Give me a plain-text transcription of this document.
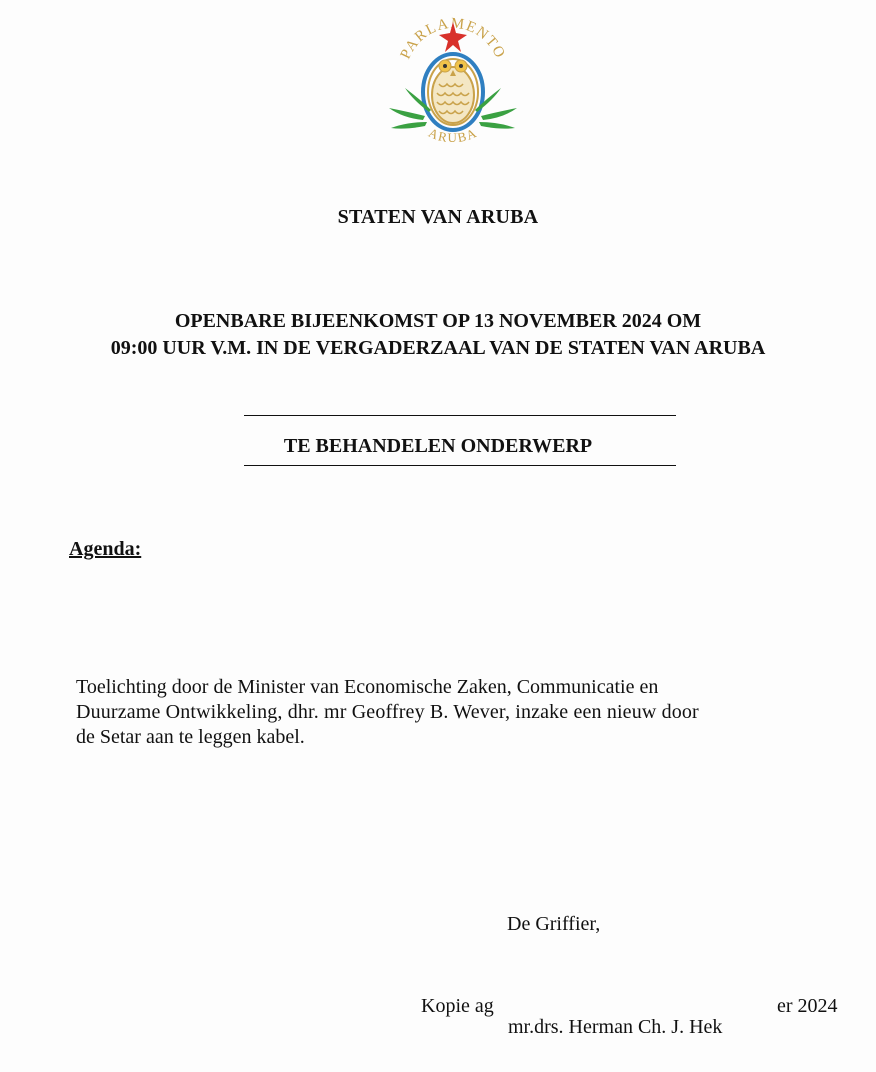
PARLAMENTO
ARUBA
STATEN VAN ARUBA
OPENBARE BIJEENKOMST OP 13 NOVEMBER 2024 OM
09:00 UUR V.M. IN DE VERGADERZAAL VAN DE STATEN VAN ARUBA
TE BEHANDELEN ONDERWERP
Agenda:
Toelichting door de Minister van Economische Zaken, Communicatie en
Duurzame Ontwikkeling, dhr. mr Geoffrey B. Wever, inzake een nieuw door
de Setar aan te leggen kabel.
De Griffier,
Kopie ag	er 2024
mr.drs. Herman Ch. J. Hek
